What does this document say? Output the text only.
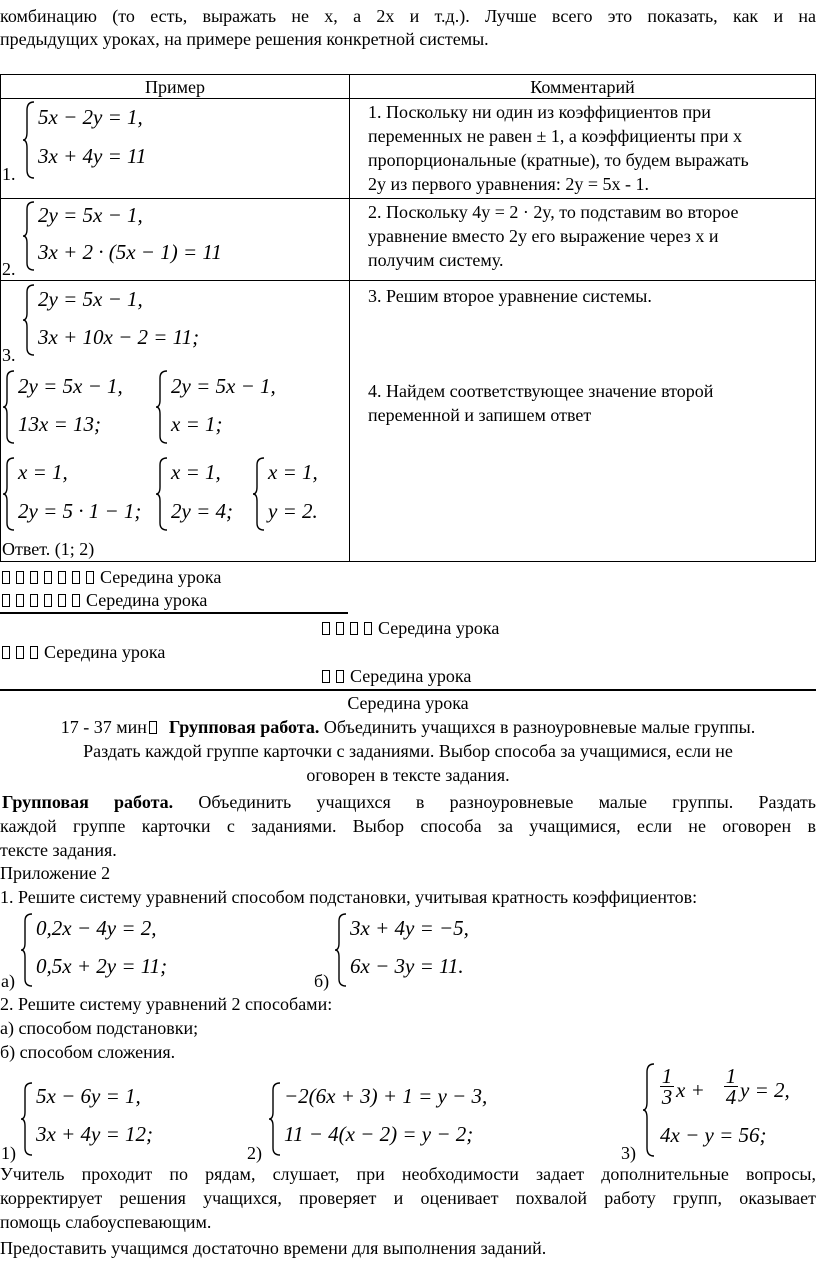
комбинацию (то есть, выражать не x, а 2x и т.д.). Лучше всего это показать, как и на
предыдущих уроках, на примере решения конкретной системы.
Пример	Комментарий
5x − 2y = 1,
3x + 4y = 11
1.
1. Поскольку ни один из коэффициентов при
переменных не равен ± 1, а коэффициенты при x
пропорциональные (кратные), то будем выражать
2y из первого уравнения: 2y = 5x - 1.
2y = 5x − 1,
3x + 2 · (5x − 1) = 11
2.
2. Поскольку 4y = 2 · 2y, то подставим во второе
уравнение вместо 2y его выражение через x и
получим систему.
2y = 5x − 1,
3x + 10x − 2 = 11;
3.
2y = 5x − 1,
13x = 13;
2y = 5x − 1,
x = 1;
x = 1,
2y = 5 · 1 − 1;
x = 1,
2y = 4;
x = 1,
y = 2.
Ответ. (1; 2)
3. Решим второе уравнение системы.
4. Найдем соответствующее значение второй
переменной и запишем ответ
Середина урока
Середина урока
Середина урока
Середина урока
Середина урока
Середина урока
17 - 37 мин Групповая работа. Объединить учащихся в разноуровневые малые группы.
Раздать каждой группе карточки с заданиями. Выбор способа за учащимися, если не
оговорен в тексте задания.
Групповая работа. Объединить учащихся в разноуровневые малые группы. Раздать
каждой группе карточки с заданиями. Выбор способа за учащимися, если не оговорен в
тексте задания.
Приложение 2
1. Решите систему уравнений способом подстановки, учитывая кратность коэффициентов:
0,2x − 4y = 2,
0,5x + 2y = 11;
а)
3x + 4y = −5,
6x − 3y = 11.
б)
2. Решите систему уравнений 2 способами:
а) способом подстановки;
б) способом сложения.
5x − 6y = 1,
3x + 4y = 12;
1)
−2(6x + 3) + 1 = y − 3,
11 − 4(x − 2) = y − 2;
2)
$\frac{1}{3}$ $x + \frac{1}{4}$ y = 2,
4x − y = 56;
3)
Учитель проходит по рядам, слушает, при необходимости задает дополнительные вопросы,
корректирует решения учащихся, проверяет и оценивает похвалой работу групп, оказывает
помощь слабоуспевающим.
Предоставить учащимся достаточно времени для выполнения заданий.
